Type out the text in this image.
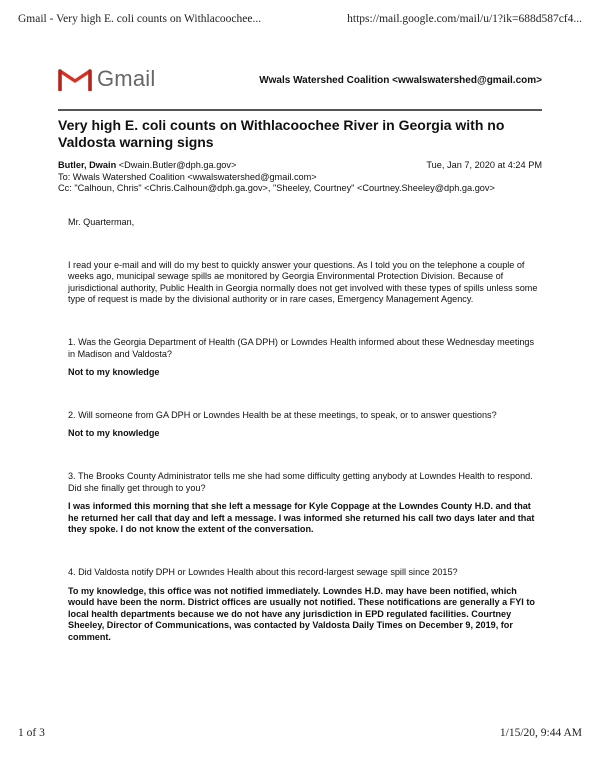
Gmail - Very high E. coli counts on Withlacoochee...	https://mail.google.com/mail/u/1?ik=688d587cf4...
Gmail	Wwals Watershed Coalition <wwalswatershed@gmail.com>
Very high E. coli counts on Withlacoochee River in Georgia with no Valdosta warning signs
Butler, Dwain <Dwain.Butler@dph.ga.gov>	Tue, Jan 7, 2020 at 4:24 PM
To: Wwals Watershed Coalition <wwalswatershed@gmail.com>
Cc: "Calhoun, Chris" <Chris.Calhoun@dph.ga.gov>, "Sheeley, Courtney" <Courtney.Sheeley@dph.ga.gov>

Mr. Quarterman,

I read your e-mail and will do my best to quickly answer your questions. As I told you on the telephone a couple of weeks ago, municipal sewage spills ae monitored by Georgia Environmental Protection Division. Because of jurisdictional authority, Public Health in Georgia normally does not get involved with these types of spills unless some type of request is made by the divisional authority or in rare cases, Emergency Management Agency.

1. Was the Georgia Department of Health (GA DPH) or Lowndes Health informed about these Wednesday meetings in Madison and Valdosta?

Not to my knowledge

2. Will someone from GA DPH or Lowndes Health be at these meetings, to speak, or to answer questions?

Not to my knowledge

3. The Brooks County Administrator tells me she had some difficulty getting anybody at Lowndes Health to respond. Did she finally get through to you?

I was informed this morning that she left a message for Kyle Coppage at the Lowndes County H.D. and that he returned her call that day and left a message. I was informed she returned his call two days later and that they spoke. I do not know the extent of the conversation.

4. Did Valdosta notify DPH or Lowndes Health about this record-largest sewage spill since 2015?

To my knowledge, this office was not notified immediately. Lowndes H.D. may have been notified, which would have been the norm. District offices are usually not notified. These notifications are generally a FYI to local health departments because we do not have any jurisdiction in EPD regulated facilities. Courtney Sheeley, Director of Communications, was contacted by Valdosta Daily Times on December 9, 2019, for comment.

1 of 3	1/15/20, 9:44 AM
